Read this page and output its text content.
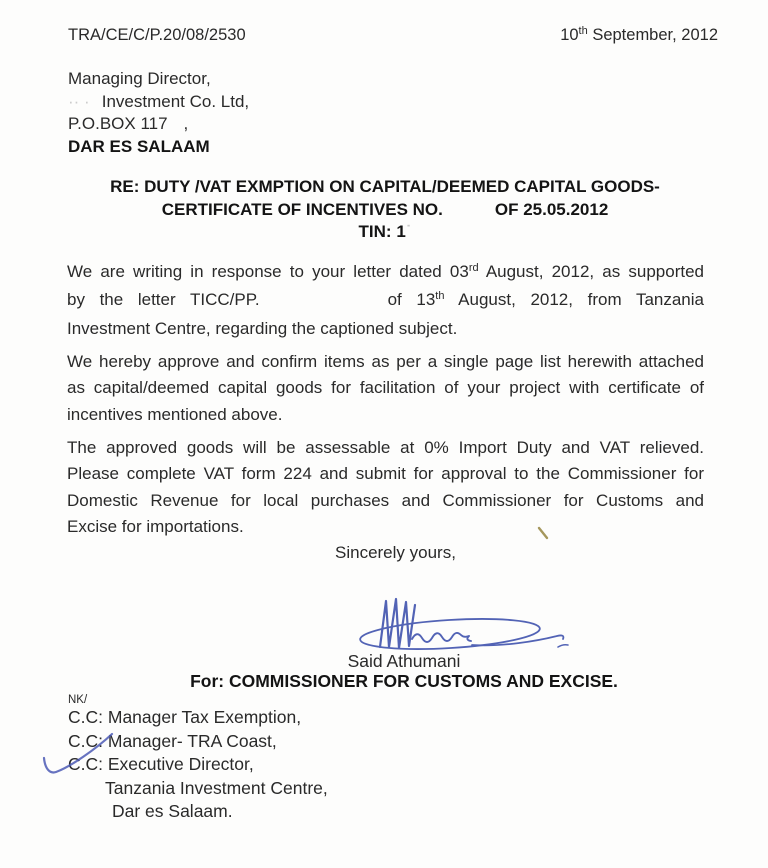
TRA/CE/C/P.20/08/2530	10th September, 2012
Managing Director,
·· · Investment Co. Ltd,
P.O.BOX 117 ,
DAR ES SALAAM
RE: DUTY /VAT EXMPTION ON CAPITAL/DEEMED CAPITAL GOODS-
CERTIFICATE OF INCENTIVES NO.	OF 25.05.2012
TIN: 1˙
We are writing in response to your letter dated 03rd August, 2012, as supported
by the letter TICC/PP.	of 13th August, 2012, from Tanzania
Investment Centre, regarding the captioned subject.
We hereby approve and confirm items as per a single page list herewith attached
as capital/deemed capital goods for facilitation of your project with certificate of
incentives mentioned above.
The approved goods will be assessable at 0% Import Duty and VAT relieved.
Please complete VAT form 224 and submit for approval to the Commissioner for
Domestic Revenue for local purchases and Commissioner for Customs and
Excise for importations.
Sincerely yours,
Said Athumani
For: COMMISSIONER FOR CUSTOMS AND EXCISE.
NK/
C.C: Manager Tax Exemption,
C.C: Manager- TRA Coast,
C.C: Executive Director,
Tanzania Investment Centre,
Dar es Salaam.
